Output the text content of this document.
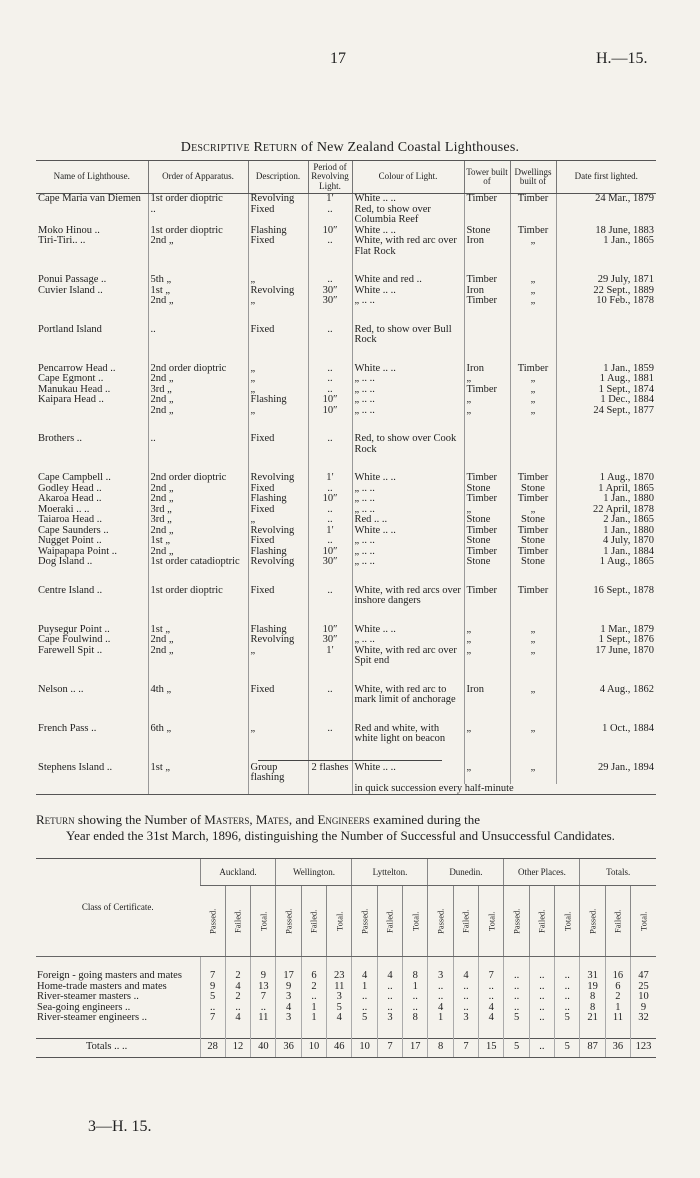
17	H.—15.
Descriptive Return of New Zealand Coastal Lighthouses.
Name of Lighthouse.	Order of Apparatus.	Description.	Period of Revolving Light.	Colour of Light.	Tower built of	Dwellings built of	Date first lighted.
Cape Maria van Diemen	1st order dioptric	Revolving	1′	White .. ..	Timber	Timber	24 Mar., 1879
	..	Fixed	..	Red, to show over Columbia Reef			
Moko Hinou ..	1st order dioptric	Flashing	10″	White .. ..	Stone	Timber	18 June, 1883
Tiri-Tiri.. ..	2nd „	Fixed	..	White, with red arc over Flat Rock	Iron	„	1 Jan., 1865

Ponui Passage ..	5th „	„	..	White and red ..	Timber	„	29 July, 1871
Cuvier Island ..	1st „	Revolving	30″	White .. ..	Iron	„	22 Sept., 1889
	2nd „	„	30″	„ .. ..	Timber	„	10 Feb., 1878

Portland Island	..	Fixed	..	Red, to show over Bull Rock			

Pencarrow Head ..	2nd order dioptric	„	..	White .. ..	Iron	Timber	1 Jan., 1859
Cape Egmont ..	2nd „	„	..	„ .. ..	„	„	1 Aug., 1881
Manukau Head ..	3rd „	„	..	„ .. ..	Timber	„	1 Sept., 1874
Kaipara Head ..	2nd „	Flashing	10″	„ .. ..	„	„	1 Dec., 1884
	2nd „	„	10″	„ .. ..	„	„	24 Sept., 1877

Brothers ..	..	Fixed	..	Red, to show over Cook Rock			

Cape Campbell ..	2nd order dioptric	Revolving	1′	White .. ..	Timber	Timber	1 Aug., 1870
Godley Head ..	2nd „	Fixed	..	„ .. ..	Stone	Stone	1 April, 1865
Akaroa Head ..	2nd „	Flashing	10″	„ .. ..	Timber	Timber	1 Jan., 1880
Moeraki .. ..	3rd „	Fixed	..	„ .. ..	„	„	22 April, 1878
Taiaroa Head ..	3rd „	„	..	Red .. ..	Stone	Stone	2 Jan., 1865
Cape Saunders ..	2nd „	Revolving	1′	White .. ..	Timber	Timber	1 Jan., 1880
Nugget Point ..	1st „	Fixed	..	„ .. ..	Stone	Stone	4 July, 1870
Waipapapa Point ..	2nd „	Flashing	10″	„ .. ..	Timber	Timber	1 Jan., 1884
Dog Island ..	1st order catadioptric	Revolving	30″	„ .. ..	Stone	Stone	1 Aug., 1865

Centre Island ..	1st order dioptric	Fixed	..	White, with red arcs over inshore dangers	Timber	Timber	16 Sept., 1878

Puysegur Point ..	1st „	Flashing	10″	White .. ..	„	„	1 Mar., 1879
Cape Foulwind ..	2nd „	Revolving	30″	„ .. ..	„	„	1 Sept., 1876
Farewell Spit ..	2nd „	„	1′	White, with red arc over Spit end	„	„	17 June, 1870

Nelson .. ..	4th „	Fixed	..	White, with red arc to mark limit of anchorage	Iron	„	4 Aug., 1862

French Pass ..	6th „	„	..	Red and white, with white light on beacon	„	„	1 Oct., 1884

Stephens Island ..	1st „	Group flashing	2 flashes	White .. ..	„	„	29 Jan., 1894
				in quick succession every half-minute			
Return showing the Number of Masters, Mates, and Engineers examined during the
Year ended the 31st March, 1896, distinguishing the Number of Successful and Unsuccessful Candidates.
Class of Certificate.	Auckland.			Wellington.			Lyttelton.			Dunedin.			Other Places.			Totals.		
	Passed.	Failed.	Total.	Passed.	Failed.	Total.	Passed.	Failed.	Total.	Passed.	Failed.	Total.	Passed.	Failed.	Total.	Passed.	Failed.	Total.

Foreign - going masters and mates	7	2	9	17	6	23	4	4	8	3	4	7	..	..	..	31	16	47
Home-trade masters and mates	9	4	13	9	2	11	1	..	1	..	..	..	..	..	..	19	6	25
River-steamer masters ..	5	2	7	3	..	3	..	..	..	..	..	..	..	..	..	8	2	10
Sea-going engineers ..	..	..	..	4	1	5	..	..	..	4	..	4	..	..	..	8	1	9
River-steamer engineers ..	7	4	11	3	1	4	5	3	8	1	3	4	5	..	5	21	11	32

Totals .. ..	28	12	40	36	10	46	10	7	17	8	7	15	5	..	5	87	36	123
3—H. 15.
